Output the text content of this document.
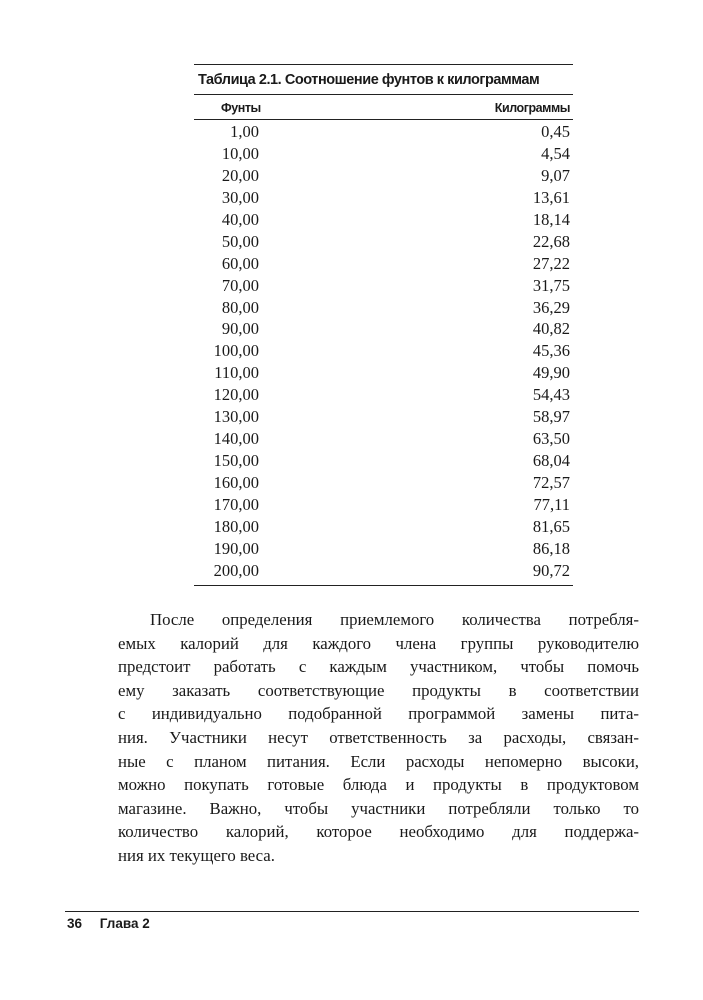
Таблица 2.1. Соотношение фунтов к килограммам
Фунты	Килограммы
1,00	0,45
10,00	4,54
20,00	9,07
30,00	13,61
40,00	18,14
50,00	22,68
60,00	27,22
70,00	31,75
80,00	36,29
90,00	40,82
100,00	45,36
110,00	49,90
120,00	54,43
130,00	58,97
140,00	63,50
150,00	68,04
160,00	72,57
170,00	77,11
180,00	81,65
190,00	86,18
200,00	90,72
После определения приемлемого количества потребля-
емых калорий для каждого члена группы руководителю
предстоит работать с каждым участником, чтобы помочь
ему заказать соответствующие продукты в соответствии
с индивидуально подобранной программой замены пита-
ния. Участники несут ответственность за расходы, связан-
ные с планом питания. Если расходы непомерно высоки,
можно покупать готовые блюда и продукты в продуктовом
магазине. Важно, чтобы участники потребляли только то
количество калорий, которое необходимо для поддержа-
ния их текущего веса.
36 Глава 2
